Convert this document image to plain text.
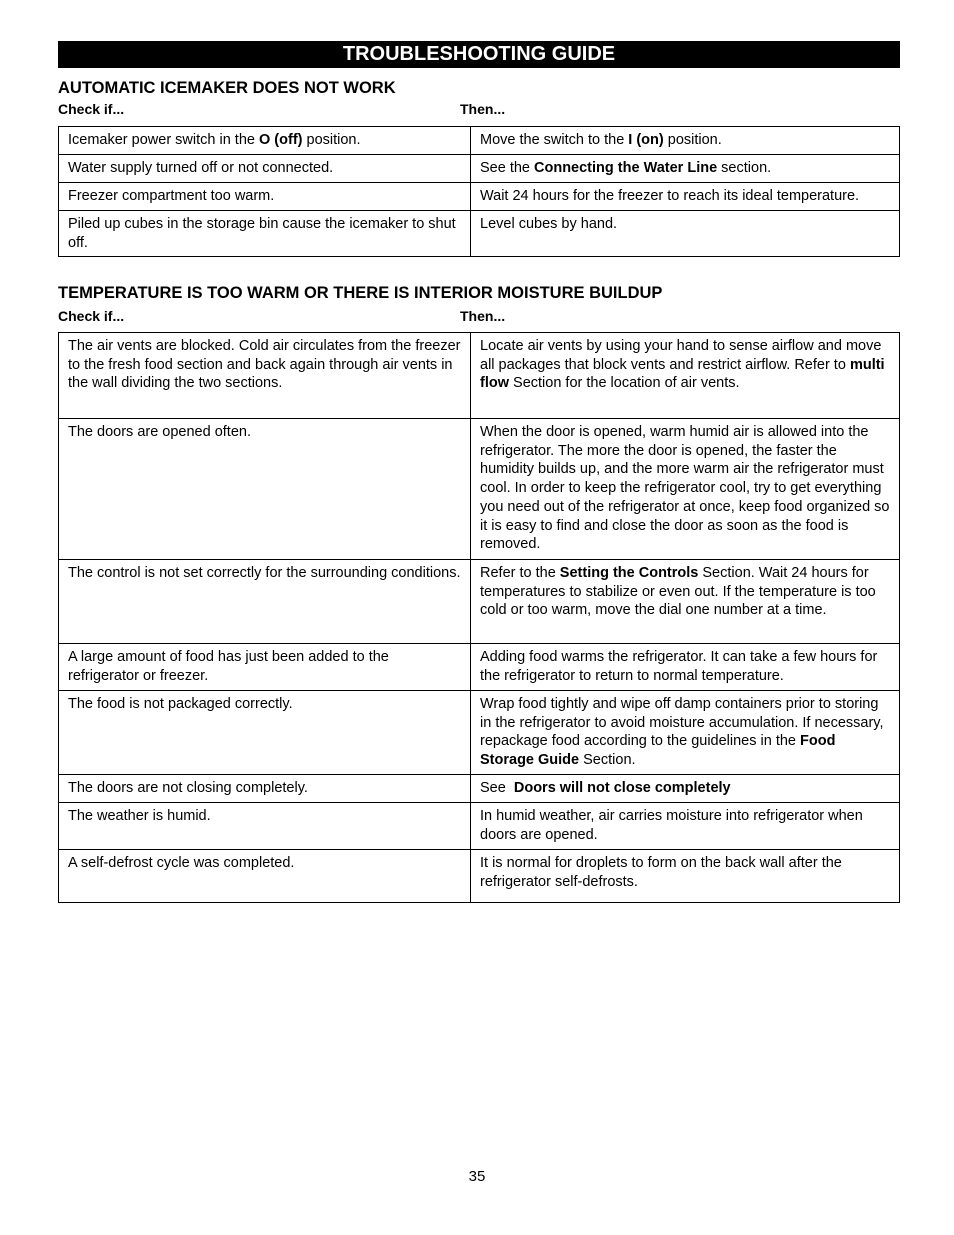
TROUBLESHOOTING GUIDE
AUTOMATIC ICEMAKER DOES NOT WORK
Check if...	Then...
Icemaker power switch in the O (off) position.	Move the switch to the I (on) position.
Water supply turned off or not connected.	See the Connecting the Water Line section.
Freezer compartment too warm.	Wait 24 hours for the freezer to reach its ideal temperature.
Piled up cubes in the storage bin cause the icemaker to shut off.	Level cubes by hand.
TEMPERATURE IS TOO WARM OR THERE IS INTERIOR MOISTURE BUILDUP
Check if...	Then...
The air vents are blocked. Cold air circulates from the freezer to the fresh food section and back again through air vents in the wall dividing the two sections.	Locate air vents by using your hand to sense airflow and move all packages that block vents and restrict airflow. Refer to multi flow Section for the location of air vents.
The doors are opened often.	When the door is opened, warm humid air is allowed into the refrigerator. The more the door is opened, the faster the humidity builds up, and the more warm air the refrigerator must cool. In order to keep the refrigerator cool, try to get everything you need out of the refrigerator at once, keep food organized so it is easy to find and close the door as soon as the food is removed.
The control is not set correctly for the surrounding conditions.	Refer to the Setting the Controls Section. Wait 24 hours for temperatures to stabilize or even out. If the temperature is too cold or too warm, move the dial one number at a time.
A large amount of food has just been added to the refrigerator or freezer.	Adding food warms the refrigerator. It can take a few hours for the refrigerator to return to normal temperature.
The food is not packaged correctly.	Wrap food tightly and wipe off damp containers prior to storing in the refrigerator to avoid moisture accumulation. If necessary, repackage food according to the guidelines in the Food Storage Guide Section.
The doors are not closing completely.	See  Doors will not close completely
The weather is humid.	In humid weather, air carries moisture into refrigerator when doors are opened.
A self-defrost cycle was completed.	It is normal for droplets to form on the back wall after the refrigerator self-defrosts.
35
